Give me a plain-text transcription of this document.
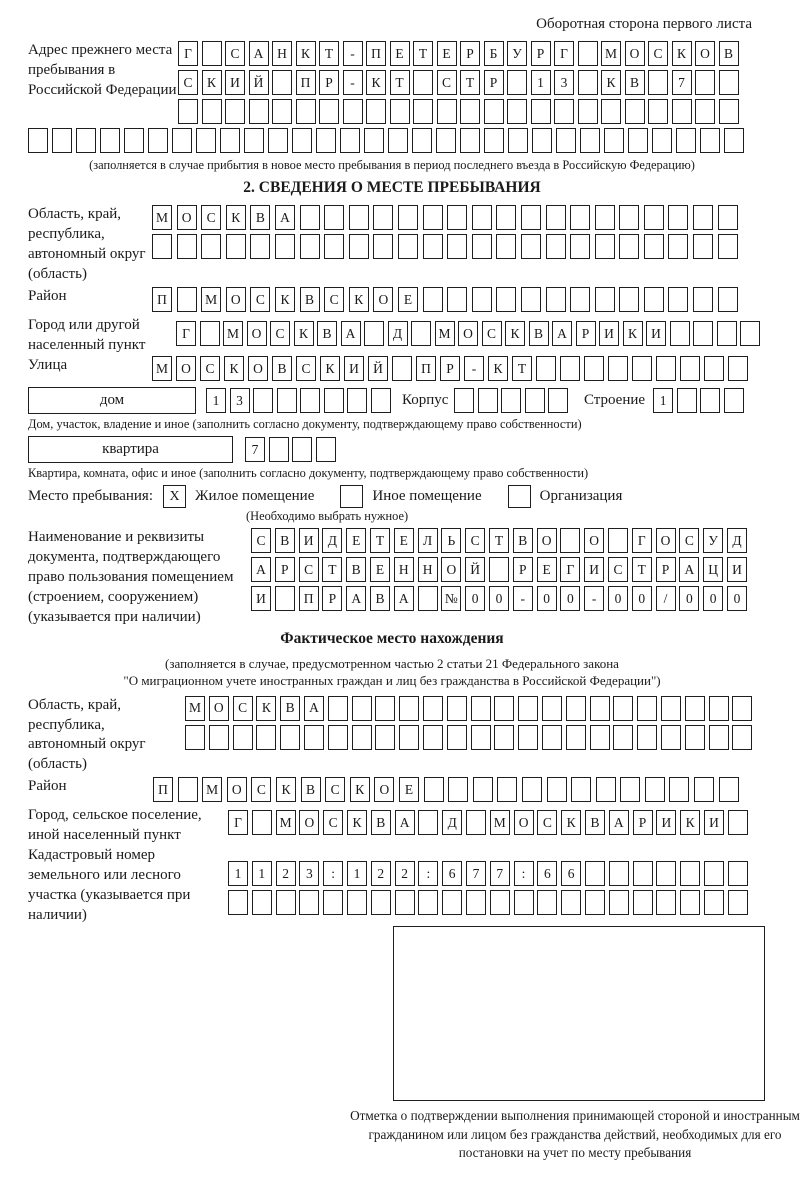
Оборотная сторона первого листа
Адрес прежнего места пребывания в Российской Федерации
Г	С	А	Н	К	Т	-	П	Е	Т	Е	Р	Б	У	Р	Г	М О	С	К	О	В
С	К	И	Й	П	Р	-	К	Т	С	Т	Р	1	3	К	В	7
(заполняется в случае прибытия в новое место пребывания в период последнего въезда в Российскую Федерацию)
2. СВЕДЕНИЯ О МЕСТЕ ПРЕБЫВАНИЯ
Область, край, республика, автономный округ (область)
М	О	С	К	В	А
Район	П	М	О	С	К	В	С	К	О	Е
Город или другой населенный пункт
Г	М О	С	К	В	А	Д	М О	С	К	В	А	Р	И	К	И
Улица	М О	С	К	О	В	С	К	И	Й	П	Р	-	К	Т
дом	1	3	Корпус	Строение	1
Дом, участок, владение и иное (заполнить согласно документу, подтверждающему право собственности)
квартира	7
Квартира, комната, офис и иное (заполнить согласно документу, подтверждающему право собственности)
Место пребывания:	X	Жилое помещение	Иное помещение	Организация
(Необходимо выбрать нужное)
Наименование и реквизиты документа, подтверждающего право пользования помещением (строением, сооружением) (указывается при наличии)
С	В	И	Д	Е	Т	Е	Л	Ь	С	Т	В	О	О	Г	О	С	У	Д
А	Р	С	Т	В	Е	Н	Н	О	Й	Р	Е	Г	И	С	Т	Р	А	Ц	И
И	П	Р	А	В	А	№	0	0	-	0	0	-	0	0	/	0	0	0
Фактическое место нахождения
(заполняется в случае, предусмотренном частью 2 статьи 21 Федерального закона
"О миграционном учете иностранных граждан и лиц без гражданства в Российской Федерации")
Область, край, республика, автономный округ (область)
М О	С	К	В	А
Район	П	М	О	С	К	В	С	К	О	Е
Город, сельское поселение, иной населенный пункт
Г	М О	С	К	В	А	Д	М О	С	К	В	А	Р	И	К	И
Кадастровый номер земельного или лесного участка (указывается при наличии)
1	1	2	3	:	1	2	2	:	6	7	7	:	6	6
Отметка о подтверждении выполнения принимающей стороной и иностранным гражданином или лицом без гражданства действий, необходимых для его постановки на учет по месту пребывания
